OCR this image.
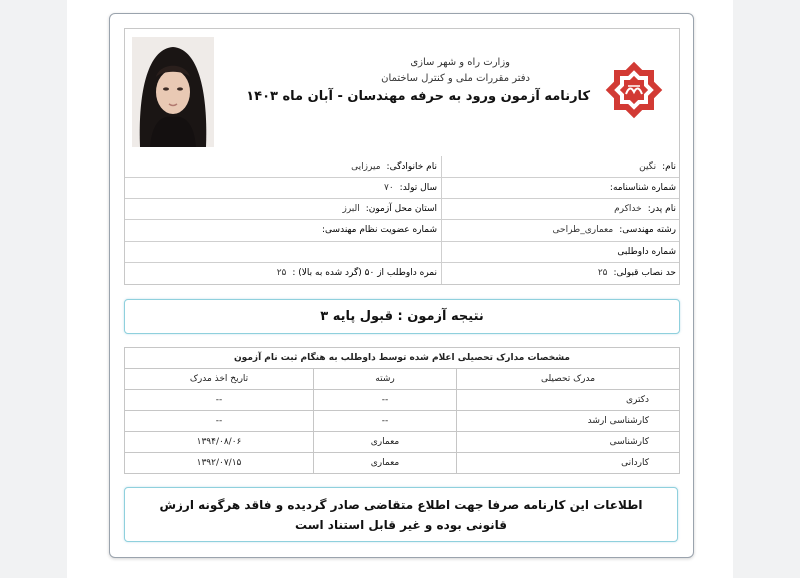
وزارت راه و شهر سازی
دفتر مقررات ملی و کنترل ساختمان
کارنامه آزمون ورود به حرفه مهندسان - آبان ماه ۱۴۰۳
نام:نگین
شماره شناسنامه:
نام پدر:خداکرم
رشته مهندسی:معماری_طراحی
شماره داوطلبی
حد نصاب قبولی:۲۵
نام خانوادگی:میرزایی
سال تولد:۷۰
استان محل آزمون:البرز
شماره عضویت نظام مهندسی:
نمره داوطلب از ۵۰ (گرد شده به بالا) :۲۵
نتیجه آزمون : قبول پایه ۳
مشخصات مدارک تحصیلی اعلام شده توسط داوطلب به هنگام ثبت نام آزمون		
مدرک تحصیلی	رشته	تاریخ اخذ مدرک
دکتری	--	--
کارشناسی ارشد	--	--
کارشناسی	معماری	۱۳۹۴/۰۸/۰۶
کاردانی	معماری	۱۳۹۲/۰۷/۱۵
اطلاعات این کارنامه صرفا جهت اطلاع متقاضی صادر گردیده و فاقد هرگونه ارزش قانونی بوده و غیر قابل استناد است
